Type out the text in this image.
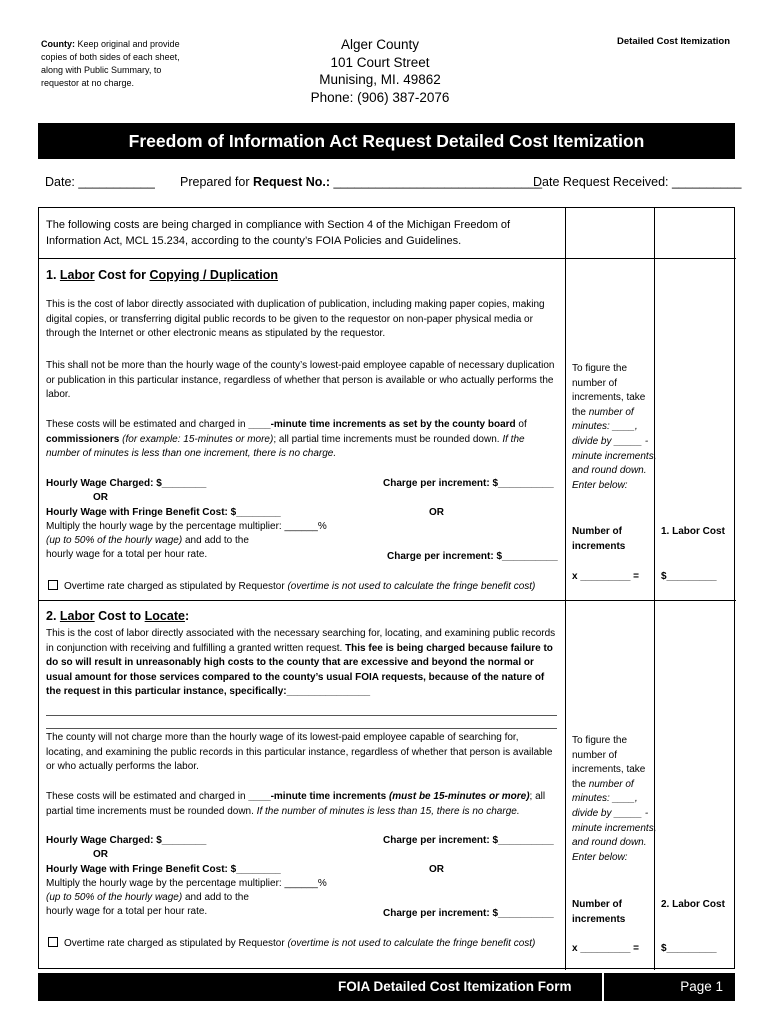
County: Keep original and provide copies of both sides of each sheet, along with Public Summary, to requestor at no charge.
Alger County
101 Court Street
Munising, MI. 49862
Phone: (906) 387-2076
Detailed Cost Itemization
Freedom of Information Act Request Detailed Cost Itemization
Date: ___________ Prepared for Request No.: ______________________________
Date Request Received: __________
The following costs are being charged in compliance with Section 4 of the Michigan Freedom of Information Act, MCL 15.234, according to the county’s FOIA Policies and Guidelines.
1. Labor Cost for Copying / Duplication
This is the cost of labor directly associated with duplication of publication, including making paper copies, making digital copies, or transferring digital public records to be given to the requestor on non-paper physical media or through the Internet or other electronic means as stipulated by the requestor.
This shall not be more than the hourly wage of the county’s lowest-paid employee capable of necessary duplication or publication in this particular instance, regardless of whether that person is available or who actually performs the labor.
These costs will be estimated and charged in ____-minute time increments as set by the county board of commissioners (for example: 15-minutes or more); all partial time increments must be rounded down. If the number of minutes is less than one increment, there is no charge.
Hourly Wage Charged: $________
OR
Hourly Wage with Fringe Benefit Cost: $________
Multiply the hourly wage by the percentage multiplier: ______%
(up to 50% of the hourly wage) and add to the
hourly wage for a total per hour rate.
Charge per increment: $__________
OR
Charge per increment: $__________
Overtime rate charged as stipulated by Requestor (overtime is not used to calculate the fringe benefit cost)
To figure the number of increments, take the number of minutes: ____, divide by _____ -minute increments, and round down. Enter below:
Number of increments
x _________ =
1. Labor Cost
$_________
2. Labor Cost to Locate:
This is the cost of labor directly associated with the necessary searching for, locating, and examining public records in conjunction with receiving and fulfilling a granted written request. This fee is being charged because failure to do so will result in unreasonably high costs to the county that are excessive and beyond the normal or usual amount for those services compared to the county’s usual FOIA requests, because of the nature of the request in this particular instance, specifically:_______________
The county will not charge more than the hourly wage of its lowest-paid employee capable of searching for, locating, and examining the public records in this particular instance, regardless of whether that person is available or who actually performs the labor.
These costs will be estimated and charged in ____-minute time increments (must be 15-minutes or more); all partial time increments must be rounded down. If the number of minutes is less than 15, there is no charge.
Hourly Wage Charged: $________
OR
Hourly Wage with Fringe Benefit Cost: $________
Multiply the hourly wage by the percentage multiplier: ______%
(up to 50% of the hourly wage) and add to the
hourly wage for a total per hour rate.
Charge per increment: $__________
OR
Charge per increment: $__________
Overtime rate charged as stipulated by Requestor (overtime is not used to calculate the fringe benefit cost)
To figure the number of increments, take the number of minutes: ____, divide by _____ -minute increments, and round down. Enter below:
Number of increments
x _________ =
2. Labor Cost
$_________
FOIA Detailed Cost Itemization Form	Page 1
